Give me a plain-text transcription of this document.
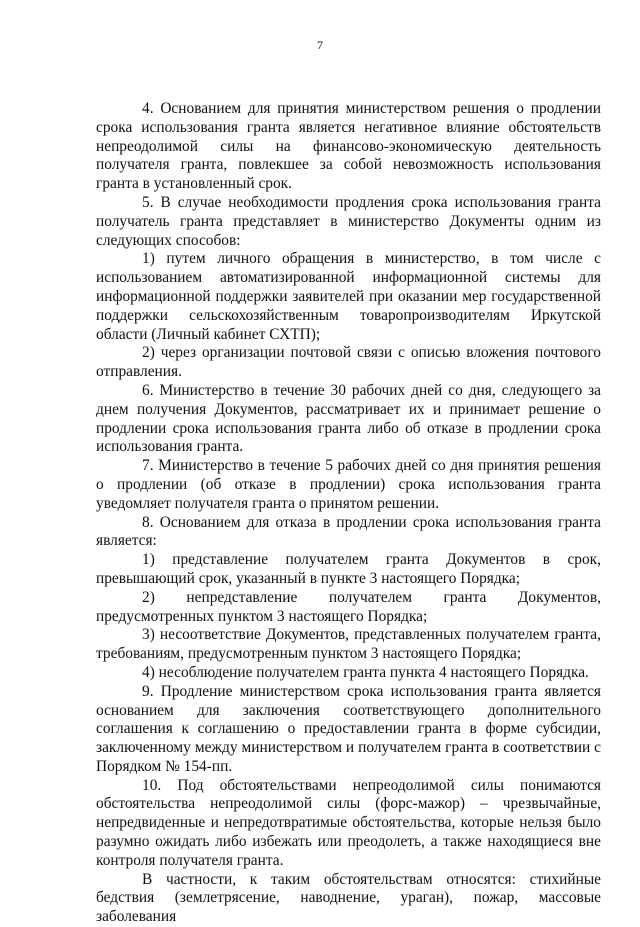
7

4. Основанием для принятия министерством решения о продлении срока использования гранта является негативное влияние обстоятельств непреодолимой силы на финансово-экономическую деятельность получателя гранта, повлекшее за собой невозможность использования гранта в установленный срок.

5. В случае необходимости продления срока использования гранта получатель гранта представляет в министерство Документы одним из следующих способов:

1) путем личного обращения в министерство, в том числе с использованием автоматизированной информационной системы для информационной поддержки заявителей при оказании мер государственной поддержки сельскохозяйственным товаропроизводителям Иркутской области (Личный кабинет СХТП);

2) через организации почтовой связи с описью вложения почтового отправления.

6. Министерство в течение 30 рабочих дней со дня, следующего за днем получения Документов, рассматривает их и принимает решение о продлении срока использования гранта либо об отказе в продлении срока использования гранта.

7. Министерство в течение 5 рабочих дней со дня принятия решения о продлении (об отказе в продлении) срока использования гранта уведомляет получателя гранта о принятом решении.

8. Основанием для отказа в продлении срока использования гранта является:

1) представление получателем гранта Документов в срок, превышающий срок, указанный в пункте 3 настоящего Порядка;

2) непредставление получателем гранта Документов, предусмотренных пунктом 3 настоящего Порядка;

3) несоответствие Документов, представленных получателем гранта, требованиям, предусмотренным пунктом 3 настоящего Порядка;

4) несоблюдение получателем гранта пункта 4 настоящего Порядка.

9. Продление министерством срока использования гранта является основанием для заключения соответствующего дополнительного соглашения к соглашению о предоставлении гранта в форме субсидии, заключенному между министерством и получателем гранта в соответствии с Порядком № 154-пп.

10. Под обстоятельствами непреодолимой силы понимаются обстоятельства непреодолимой силы (форс-мажор) – чрезвычайные, непредвиденные и непредотвратимые обстоятельства, которые нельзя было разумно ожидать либо избежать или преодолеть, а также находящиеся вне контроля получателя гранта.

В частности, к таким обстоятельствам относятся: стихийные бедствия (землетрясение, наводнение, ураган), пожар, массовые заболевания
